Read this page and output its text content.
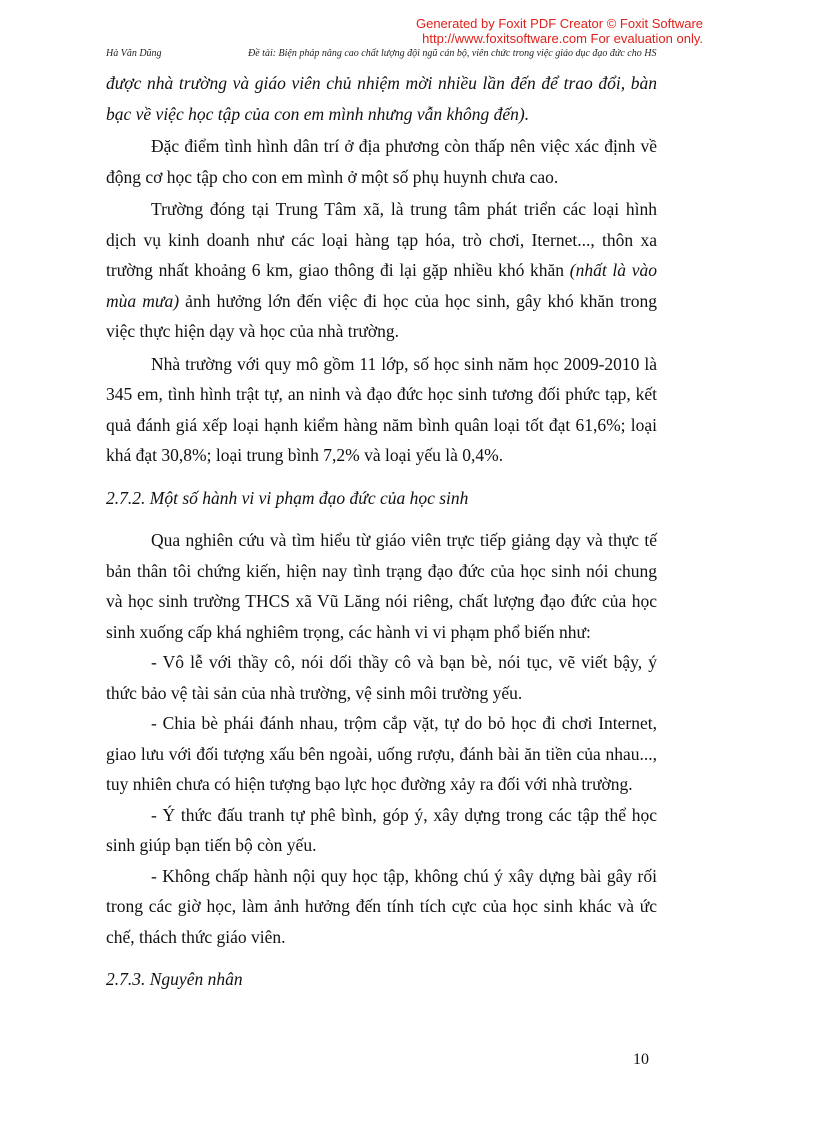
Generated by Foxit PDF Creator © Foxit Software
http://www.foxitsoftware.com For evaluation only.
Hà Văn Dũng	Đề tài: Biện pháp nâng cao chất lượng đội ngũ cán bộ, viên chức trong việc giáo dục đạo đức cho HS

được nhà trường và giáo viên chủ nhiệm mời nhiều lần đến để trao đổi, bàn bạc về việc học tập của con em mình nhưng vẫn không đến).

Đặc điểm tình hình dân trí ở địa phương còn thấp nên việc xác định về động cơ học tập cho con em mình ở một số phụ huynh chưa cao.

Trường đóng tại Trung Tâm xã, là trung tâm phát triển các loại hình dịch vụ kinh doanh như các loại hàng tạp hóa, trò chơi, Iternet..., thôn xa trường nhất khoảng 6 km, giao thông đi lại gặp nhiều khó khăn (nhất là vào mùa mưa) ảnh hưởng lớn đến việc đi học của học sinh, gây khó khăn trong việc thực hiện dạy và học của nhà trường.

Nhà trường với quy mô gồm 11 lớp, số học sinh năm học 2009-2010 là 345 em, tình hình trật tự, an ninh và đạo đức học sinh tương đối phức tạp, kết quả đánh giá xếp loại hạnh kiểm hàng năm bình quân loại tốt đạt 61,6%; loại khá đạt 30,8%; loại trung bình 7,2% và loại yếu là 0,4%.

2.7.2. Một số hành vi vi phạm đạo đức của học sinh

Qua nghiên cứu và tìm hiểu từ giáo viên trực tiếp giảng dạy và thực tế bản thân tôi chứng kiến, hiện nay tình trạng đạo đức của học sinh nói chung và học sinh trường THCS xã Vũ Lăng nói riêng, chất lượng đạo đức của học sinh xuống cấp khá nghiêm trọng, các hành vi vi phạm phổ biến như:

- Vô lễ với thầy cô, nói dối thầy cô và bạn bè, nói tục, vẽ viết bậy, ý thức bảo vệ tài sản của nhà trường, vệ sinh môi trường yếu.

- Chia bè phái đánh nhau, trộm cắp vặt, tự do bỏ học đi chơi Internet, giao lưu với đối tượng xấu bên ngoài, uống rượu, đánh bài ăn tiền của nhau..., tuy nhiên chưa có hiện tượng bạo lực học đường xảy ra đối với nhà trường.

- Ý thức đấu tranh tự phê bình, góp ý, xây dựng trong các tập thể học sinh giúp bạn tiến bộ còn yếu.

- Không chấp hành nội quy học tập, không chú ý xây dựng bài gây rối trong các giờ học, làm ảnh hưởng đến tính tích cực của học sinh khác và ức chế, thách thức giáo viên.

2.7.3. Nguyên nhân

10
